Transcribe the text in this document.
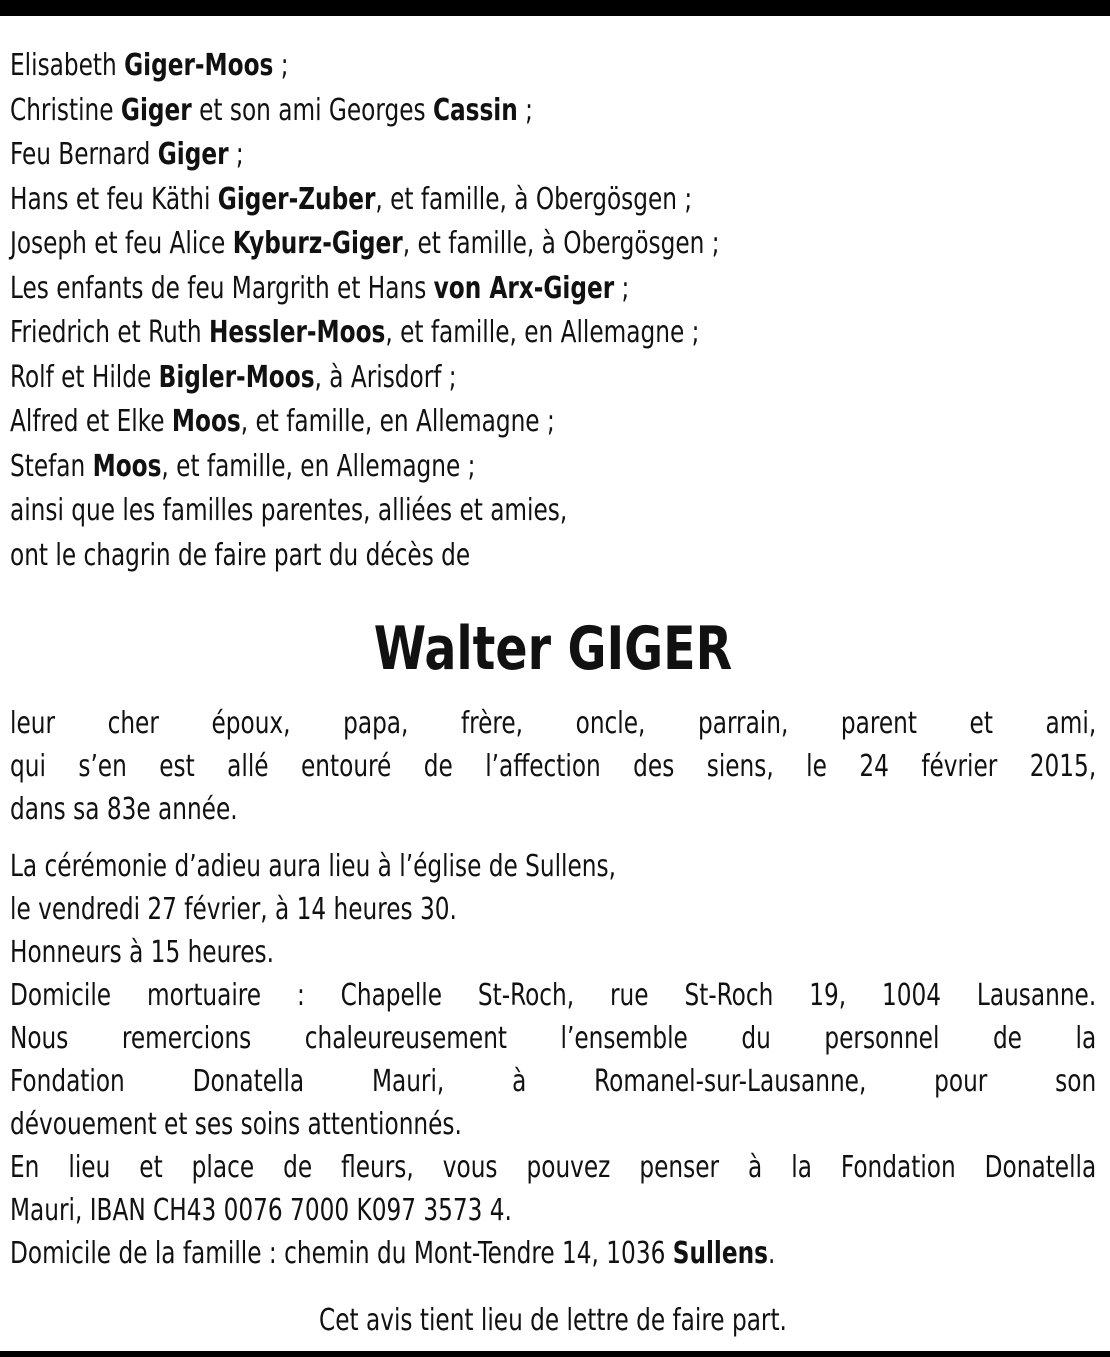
Elisabeth Giger-Moos ;
Christine Giger et son ami Georges Cassin ;
Feu Bernard Giger ;
Hans et feu Käthi Giger-Zuber, et famille, à Obergösgen ;
Joseph et feu Alice Kyburz-Giger, et famille, à Obergösgen ;
Les enfants de feu Margrith et Hans von Arx-Giger ;
Friedrich et Ruth Hessler-Moos, et famille, en Allemagne ;
Rolf et Hilde Bigler-Moos, à Arisdorf ;
Alfred et Elke Moos, et famille, en Allemagne ;
Stefan Moos, et famille, en Allemagne ;
ainsi que les familles parentes, alliées et amies,
ont le chagrin de faire part du décès de
Walter GIGER
leur cher époux, papa, frère, oncle, parrain, parent et ami,
qui s’en est allé entouré de l’affection des siens, le 24 février 2015,
dans sa 83e année.
La cérémonie d’adieu aura lieu à l’église de Sullens,
le vendredi 27 février, à 14 heures 30.
Honneurs à 15 heures.
Domicile mortuaire : Chapelle St-Roch, rue St-Roch 19, 1004 Lausanne.
Nous remercions chaleureusement l’ensemble du personnel de la
Fondation Donatella Mauri, à Romanel-sur-Lausanne, pour son
dévouement et ses soins attentionnés.
En lieu et place de fleurs, vous pouvez penser à la Fondation Donatella
Mauri, IBAN CH43 0076 7000 K097 3573 4.
Domicile de la famille : chemin du Mont-Tendre 14, 1036 Sullens.
Cet avis tient lieu de lettre de faire part.
